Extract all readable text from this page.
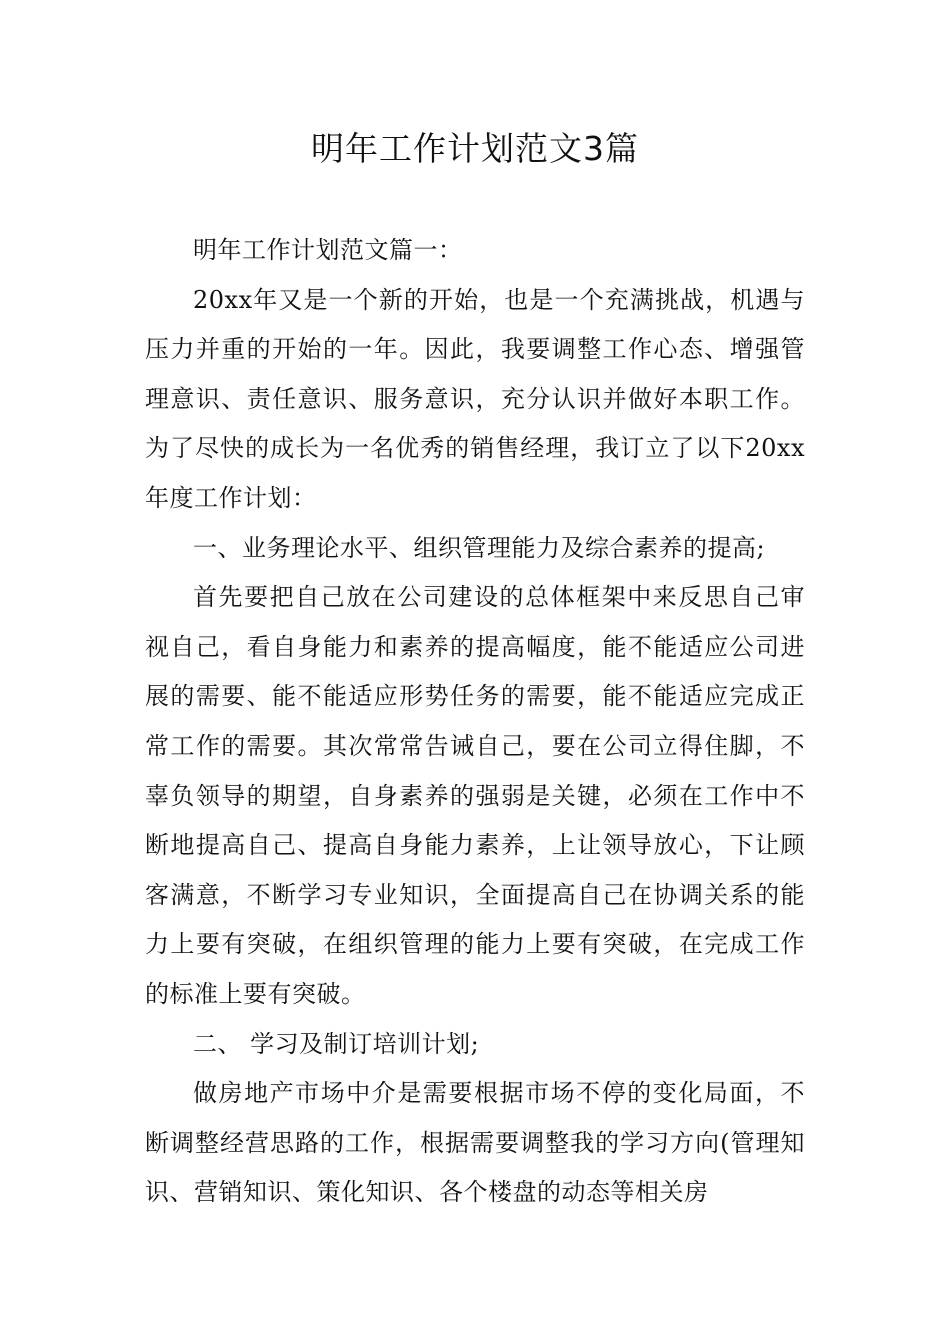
明年工作计划范文3篇

明年工作计划范文篇一：

20xx年又是一个新的开始，也是一个充满挑战，机遇与压力并重的开始的一年。因此，我要调整工作心态、增强管理意识、责任意识、服务意识，充分认识并做好本职工作。为了尽快的成长为一名优秀的销售经理，我订立了以下20xx年度工作计划：

一、业务理论水平、组织管理能力及综合素养的提高;

首先要把自己放在公司建设的总体框架中来反思自己审视自己，看自身能力和素养的提高幅度，能不能适应公司进展的需要、能不能适应形势任务的需要，能不能适应完成正常工作的需要。其次常常告诫自己，要在公司立得住脚，不辜负领导的期望，自身素养的强弱是关键，必须在工作中不断地提高自己、提高自身能力素养，上让领导放心，下让顾客满意，不断学习专业知识，全面提高自己在协调关系的能力上要有突破，在组织管理的能力上要有突破，在完成工作的标准上要有突破。

二、 学习及制订培训计划;

做房地产市场中介是需要根据市场不停的变化局面，不断调整经营思路的工作，根据需要调整我的学习方向(管理知识、营销知识、策化知识、各个楼盘的动态等相关房
